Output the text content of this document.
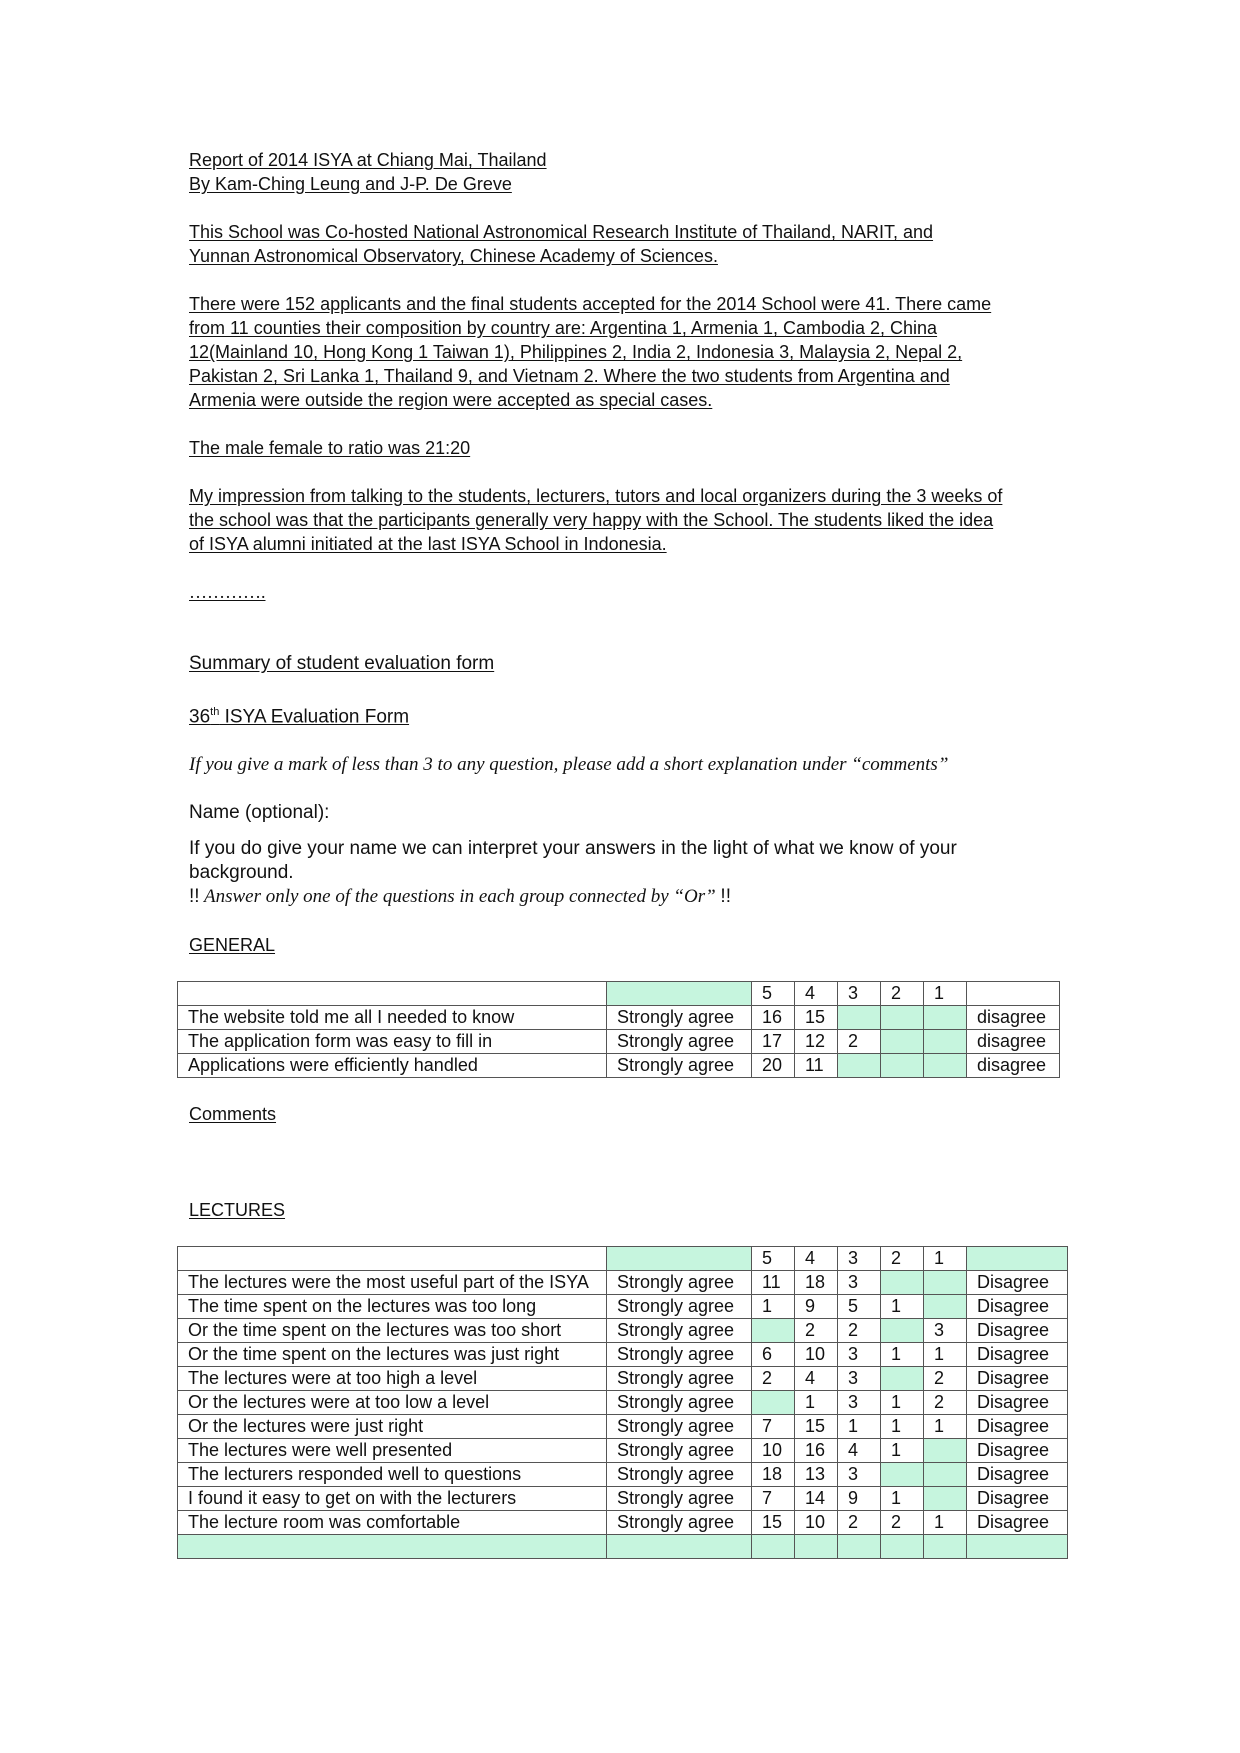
Report of 2014 ISYA at Chiang Mai, Thailand

By Kam-Ching Leung and J-P. De Greve

This School was Co-hosted National Astronomical Research Institute of Thailand, NARIT, and

Yunnan Astronomical Observatory, Chinese Academy of Sciences.

There were 152 applicants and the final students accepted for the 2014 School were 41. There came

from 11 counties their composition by country are: Argentina 1, Armenia 1, Cambodia 2, China

12(Mainland 10, Hong Kong 1 Taiwan 1), Philippines 2, India 2, Indonesia 3, Malaysia 2, Nepal 2,

Pakistan 2, Sri Lanka 1, Thailand 9, and Vietnam 2. Where the two students from Argentina and

Armenia were outside the region were accepted as special cases.

The male female to ratio was 21:20

My impression from talking to the students, lecturers, tutors and local organizers during the 3 weeks of

the school was that the participants generally very happy with the School. The students liked the idea

of ISYA alumni initiated at the last ISYA School in Indonesia.

………….

Summary of student evaluation form

36th ISYA Evaluation Form

If you give a mark of less than 3 to any question, please add a short explanation under “comments”

Name (optional):

If you do give your name we can interpret your answers in the light of what we know of your

background.

!! Answer only one of the questions in each group connected by “Or” !!

GENERAL

		5	4	3	2	1	
The website told me all I needed to know	Strongly agree	16	15				disagree
The application form was easy to fill in	Strongly agree	17	12	2			disagree
Applications were efficiently handled	Strongly agree	20	11				disagree

Comments

LECTURES

		5	4	3	2	1	
The lectures were the most useful part of the ISYA	Strongly agree	11	18	3			Disagree
The time spent on the lectures was too long	Strongly agree	1	9	5	1		Disagree
Or the time spent on the lectures was too short	Strongly agree		2	2		3	Disagree
Or the time spent on the lectures was just right	Strongly agree	6	10	3	1	1	Disagree
The lectures were at too high a level	Strongly agree	2	4	3		2	Disagree
Or the lectures were at too low a level	Strongly agree		1	3	1	2	Disagree
Or the lectures were just right	Strongly agree	7	15	1	1	1	Disagree
The lectures were well presented	Strongly agree	10	16	4	1		Disagree
The lecturers responded well to questions	Strongly agree	18	13	3			Disagree
I found it easy to get on with the lecturers	Strongly agree	7	14	9	1		Disagree
The lecture room was comfortable	Strongly agree	15	10	2	2	1	Disagree
